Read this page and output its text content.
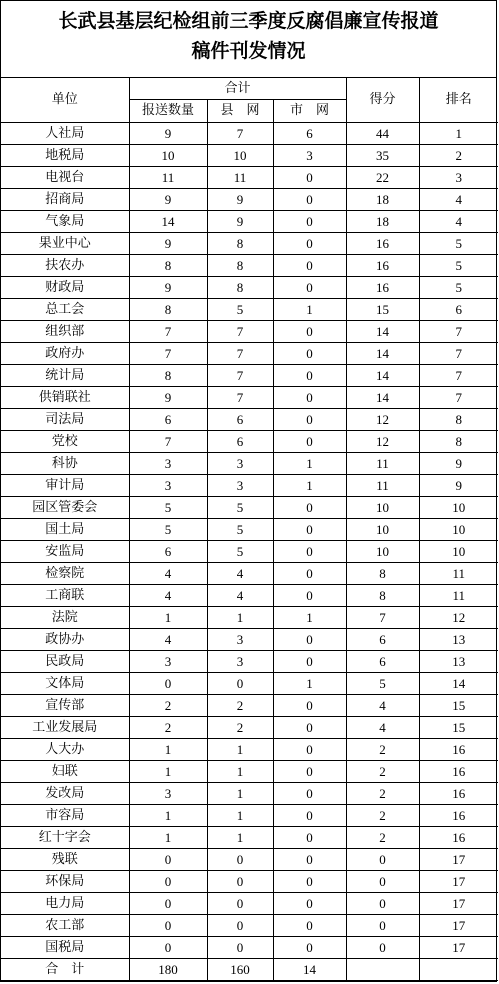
长武县基层纪检组前三季度反腐倡廉宣传报道
稿件刊发情况
单位	合计			得分	排名
	报送数量	县　网	市　网		
人社局	9	7	6	44	1
地税局	10	10	3	35	2
电视台	11	11	0	22	3
招商局	9	9	0	18	4
气象局	14	9	0	18	4
果业中心	9	8	0	16	5
扶农办	8	8	0	16	5
财政局	9	8	0	16	5
总工会	8	5	1	15	6
组织部	7	7	0	14	7
政府办	7	7	0	14	7
统计局	8	7	0	14	7
供销联社	9	7	0	14	7
司法局	6	6	0	12	8
党校	7	6	0	12	8
科协	3	3	1	11	9
审计局	3	3	1	11	9
园区管委会	5	5	0	10	10
国土局	5	5	0	10	10
安监局	6	5	0	10	10
检察院	4	4	0	8	11
工商联	4	4	0	8	11
法院	1	1	1	7	12
政协办	4	3	0	6	13
民政局	3	3	0	6	13
文体局	0	0	1	5	14
宣传部	2	2	0	4	15
工业发展局	2	2	0	4	15
人大办	1	1	0	2	16
妇联	1	1	0	2	16
发改局	3	1	0	2	16
市容局	1	1	0	2	16
红十字会	1	1	0	2	16
残联	0	0	0	0	17
环保局	0	0	0	0	17
电力局	0	0	0	0	17
农工部	0	0	0	0	17
国税局	0	0	0	0	17
合　计	180	160	14		
